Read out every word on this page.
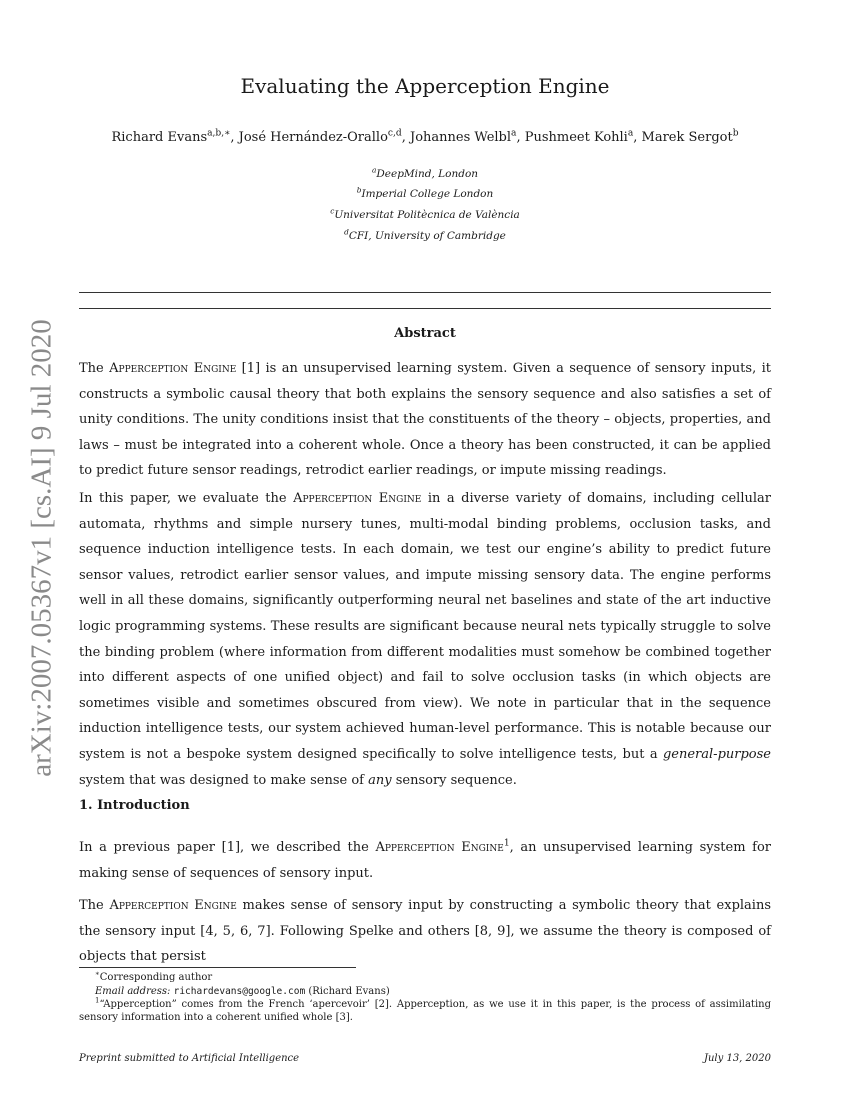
arXiv:2007.05367v1 [cs.AI] 9 Jul 2020
Evaluating the Apperception Engine
Richard Evans$^{a,b,∗}$, José Hernández-Orallo$^{c,d}$, Johannes Welbl$^a$, Pushmeet Kohli$^a$, Marek Sergot$^b$
$^a$DeepMind, London
$^b$Imperial College London
$^c$Universitat Politècnica de València
$^d$CFI, University of Cambridge
Abstract

The Apperception Engine [1] is an unsupervised learning system. Given a sequence of sensory inputs, it constructs a symbolic causal theory that both explains the sensory sequence and also satisfies a set of unity conditions. The unity conditions insist that the constituents of the theory – objects, properties, and laws – must be integrated into a coherent whole. Once a theory has been constructed, it can be applied to predict future sensor readings, retrodict earlier readings, or impute missing readings.

In this paper, we evaluate the Apperception Engine in a diverse variety of domains, including cellular automata, rhythms and simple nursery tunes, multi-modal binding problems, occlusion tasks, and sequence induction intelligence tests. In each domain, we test our engine’s ability to predict future sensor values, retrodict earlier sensor values, and impute missing sensory data. The engine performs well in all these domains, significantly outperforming neural net baselines and state of the art inductive logic programming systems. These results are significant because neural nets typically struggle to solve the binding problem (where information from different modalities must somehow be combined together into different aspects of one unified object) and fail to solve occlusion tasks (in which objects are sometimes visible and sometimes obscured from view). We note in particular that in the sequence induction intelligence tests, our system achieved human-level performance. This is notable because our system is not a bespoke system designed specifically to solve intelligence tests, but a general-purpose system that was designed to make sense of any sensory sequence.

1. Introduction

In a previous paper [1], we described the Apperception Engine$^1$, an unsupervised learning system for making sense of sequences of sensory input.

The Apperception Engine makes sense of sensory input by constructing a symbolic theory that explains the sensory input [4, 5, 6, 7]. Following Spelke and others [8, 9], we assume the theory is composed of objects that persist

∗Corresponding author

Email address: richardevans@google.com (Richard Evans)

$^1$“Apperception” comes from the French ‘apercevoir’ [2]. Apperception, as we use it in this paper, is the process of assimilating sensory information into a coherent unified whole [3].

Preprint submitted to Artificial Intelligence	July 13, 2020
